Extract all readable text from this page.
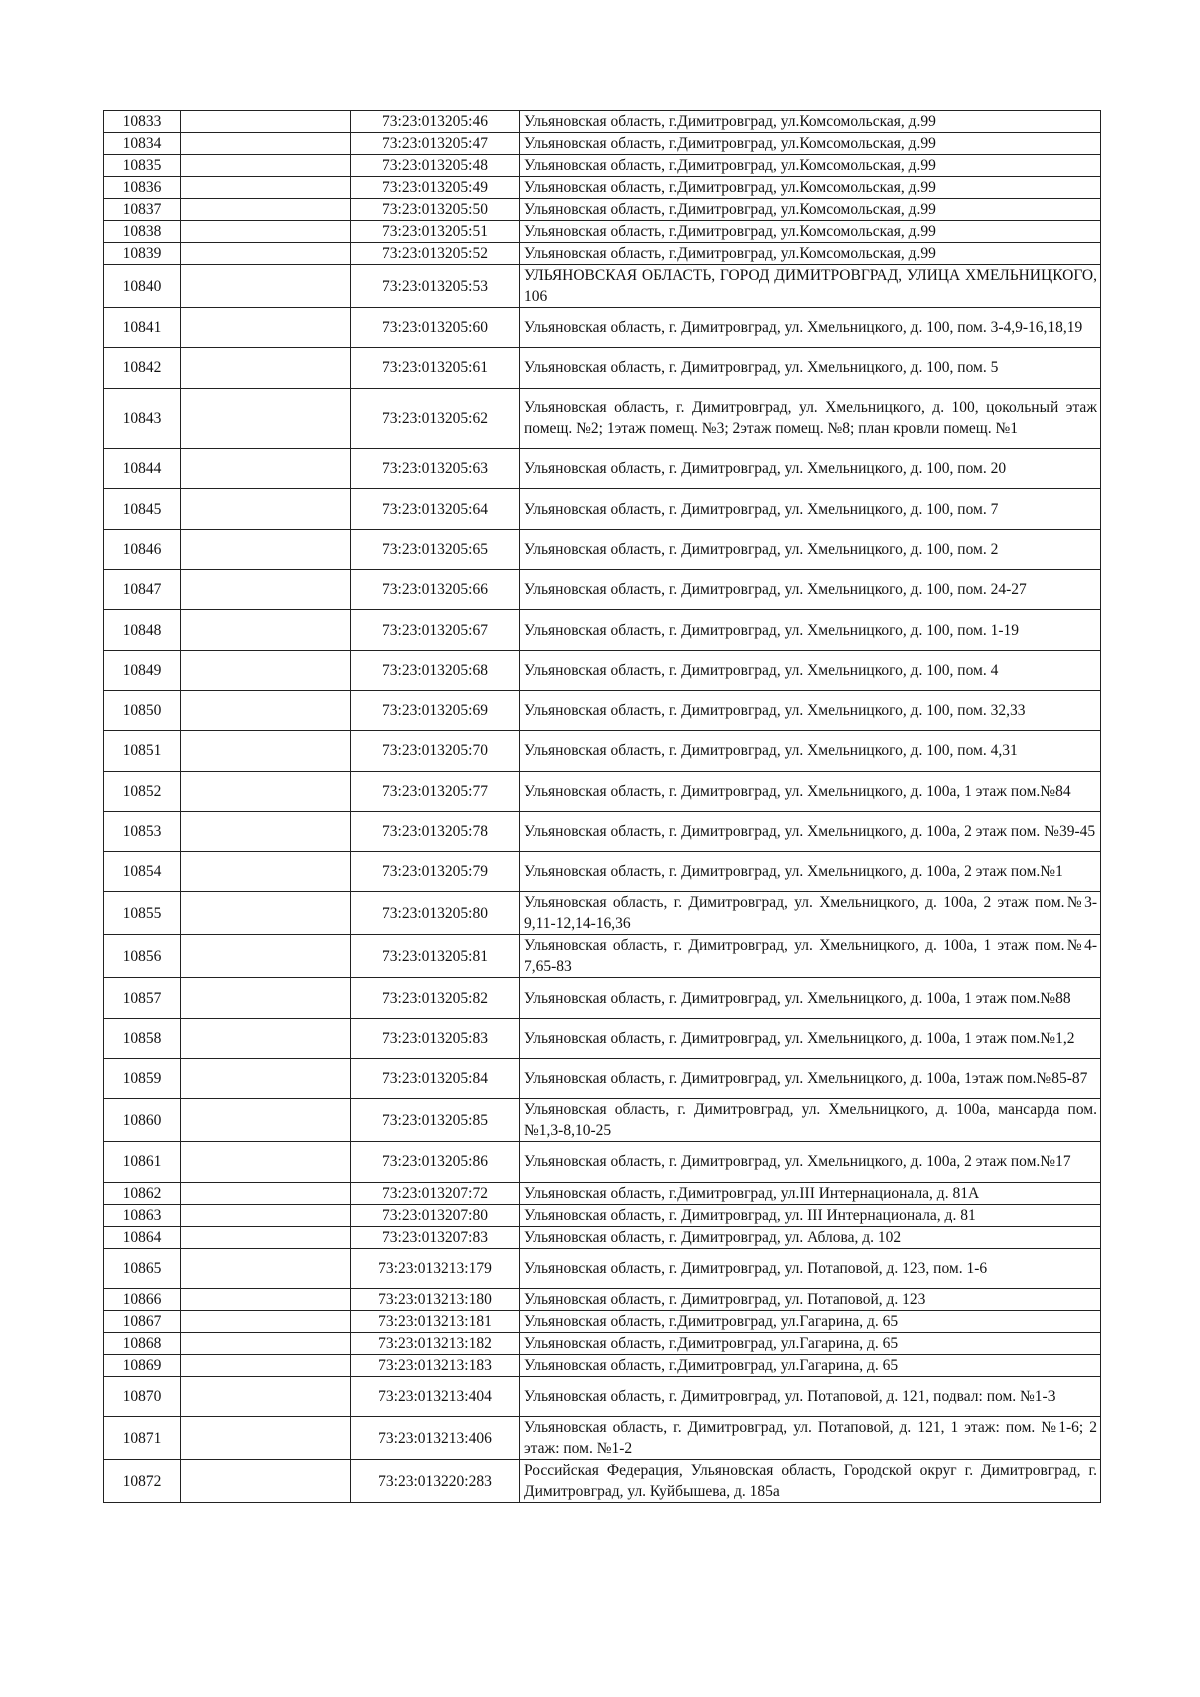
10833		73:23:013205:46	Ульяновская область, г.Димитровград, ул.Комсомольская, д.99
10834		73:23:013205:47	Ульяновская область, г.Димитровград, ул.Комсомольская, д.99
10835		73:23:013205:48	Ульяновская область, г.Димитровград, ул.Комсомольская, д.99
10836		73:23:013205:49	Ульяновская область, г.Димитровград, ул.Комсомольская, д.99
10837		73:23:013205:50	Ульяновская область, г.Димитровград, ул.Комсомольская, д.99
10838		73:23:013205:51	Ульяновская область, г.Димитровград, ул.Комсомольская, д.99
10839		73:23:013205:52	Ульяновская область, г.Димитровград, ул.Комсомольская, д.99
10840		73:23:013205:53	УЛЬЯНОВСКАЯ ОБЛАСТЬ, ГОРОД ДИМИТРОВГРАД, УЛИЦА ХМЕЛЬНИЦКОГО, 106
10841		73:23:013205:60	Ульяновская область, г. Димитровград, ул. Хмельницкого, д. 100, пом. 3-4,9-16,18,19
10842		73:23:013205:61	Ульяновская область, г. Димитровград, ул. Хмельницкого, д. 100, пом. 5
10843		73:23:013205:62	Ульяновская область, г. Димитровград, ул. Хмельницкого, д. 100, цокольный этаж помещ. №2; 1этаж помещ. №3; 2этаж помещ. №8; план кровли помещ. №1
10844		73:23:013205:63	Ульяновская область, г. Димитровград, ул. Хмельницкого, д. 100, пом. 20
10845		73:23:013205:64	Ульяновская область, г. Димитровград, ул. Хмельницкого, д. 100, пом. 7
10846		73:23:013205:65	Ульяновская область, г. Димитровград, ул. Хмельницкого, д. 100, пом. 2
10847		73:23:013205:66	Ульяновская область, г. Димитровград, ул. Хмельницкого, д. 100, пом. 24-27
10848		73:23:013205:67	Ульяновская область, г. Димитровград, ул. Хмельницкого, д. 100, пом. 1-19
10849		73:23:013205:68	Ульяновская область, г. Димитровград, ул. Хмельницкого, д. 100, пом. 4
10850		73:23:013205:69	Ульяновская область, г. Димитровград, ул. Хмельницкого, д. 100, пом. 32,33
10851		73:23:013205:70	Ульяновская область, г. Димитровград, ул. Хмельницкого, д. 100, пом. 4,31
10852		73:23:013205:77	Ульяновская область, г. Димитровград, ул. Хмельницкого, д. 100а, 1 этаж пом.№84
10853		73:23:013205:78	Ульяновская область, г. Димитровград, ул. Хмельницкого, д. 100а, 2 этаж пом. №39-45
10854		73:23:013205:79	Ульяновская область, г. Димитровград, ул. Хмельницкого, д. 100а, 2 этаж пом.№1
10855		73:23:013205:80	Ульяновская область, г. Димитровград, ул. Хмельницкого, д. 100а, 2 этаж пом.№3-9,11-12,14-16,36
10856		73:23:013205:81	Ульяновская область, г. Димитровград, ул. Хмельницкого, д. 100а, 1 этаж пом.№4-7,65-83
10857		73:23:013205:82	Ульяновская область, г. Димитровград, ул. Хмельницкого, д. 100а, 1 этаж пом.№88
10858		73:23:013205:83	Ульяновская область, г. Димитровград, ул. Хмельницкого, д. 100а, 1 этаж пом.№1,2
10859		73:23:013205:84	Ульяновская область, г. Димитровград, ул. Хмельницкого, д. 100а, 1этаж пом.№85-87
10860		73:23:013205:85	Ульяновская область, г. Димитровград, ул. Хмельницкого, д. 100а, мансарда пом. №1,3-8,10-25
10861		73:23:013205:86	Ульяновская область, г. Димитровград, ул. Хмельницкого, д. 100а, 2 этаж пом.№17
10862		73:23:013207:72	Ульяновская область, г.Димитровград, ул.III Интернационала, д. 81А
10863		73:23:013207:80	Ульяновская область, г. Димитровград, ул. III Интернационала, д. 81
10864		73:23:013207:83	Ульяновская область, г. Димитровград, ул. Аблова, д. 102
10865		73:23:013213:179	Ульяновская область, г. Димитровград, ул. Потаповой, д. 123, пом. 1-6
10866		73:23:013213:180	Ульяновская область, г. Димитровград, ул. Потаповой, д. 123
10867		73:23:013213:181	Ульяновская область, г.Димитровград, ул.Гагарина, д. 65
10868		73:23:013213:182	Ульяновская область, г.Димитровград, ул.Гагарина, д. 65
10869		73:23:013213:183	Ульяновская область, г.Димитровград, ул.Гагарина, д. 65
10870		73:23:013213:404	Ульяновская область, г. Димитровград, ул. Потаповой, д. 121, подвал: пом. №1-3
10871		73:23:013213:406	Ульяновская область, г. Димитровград, ул. Потаповой, д. 121, 1 этаж: пом. №1-6; 2 этаж: пом. №1-2
10872		73:23:013220:283	Российская Федерация, Ульяновская область, Городской округ г. Димитровград, г. Димитровград, ул. Куйбышева, д. 185а
